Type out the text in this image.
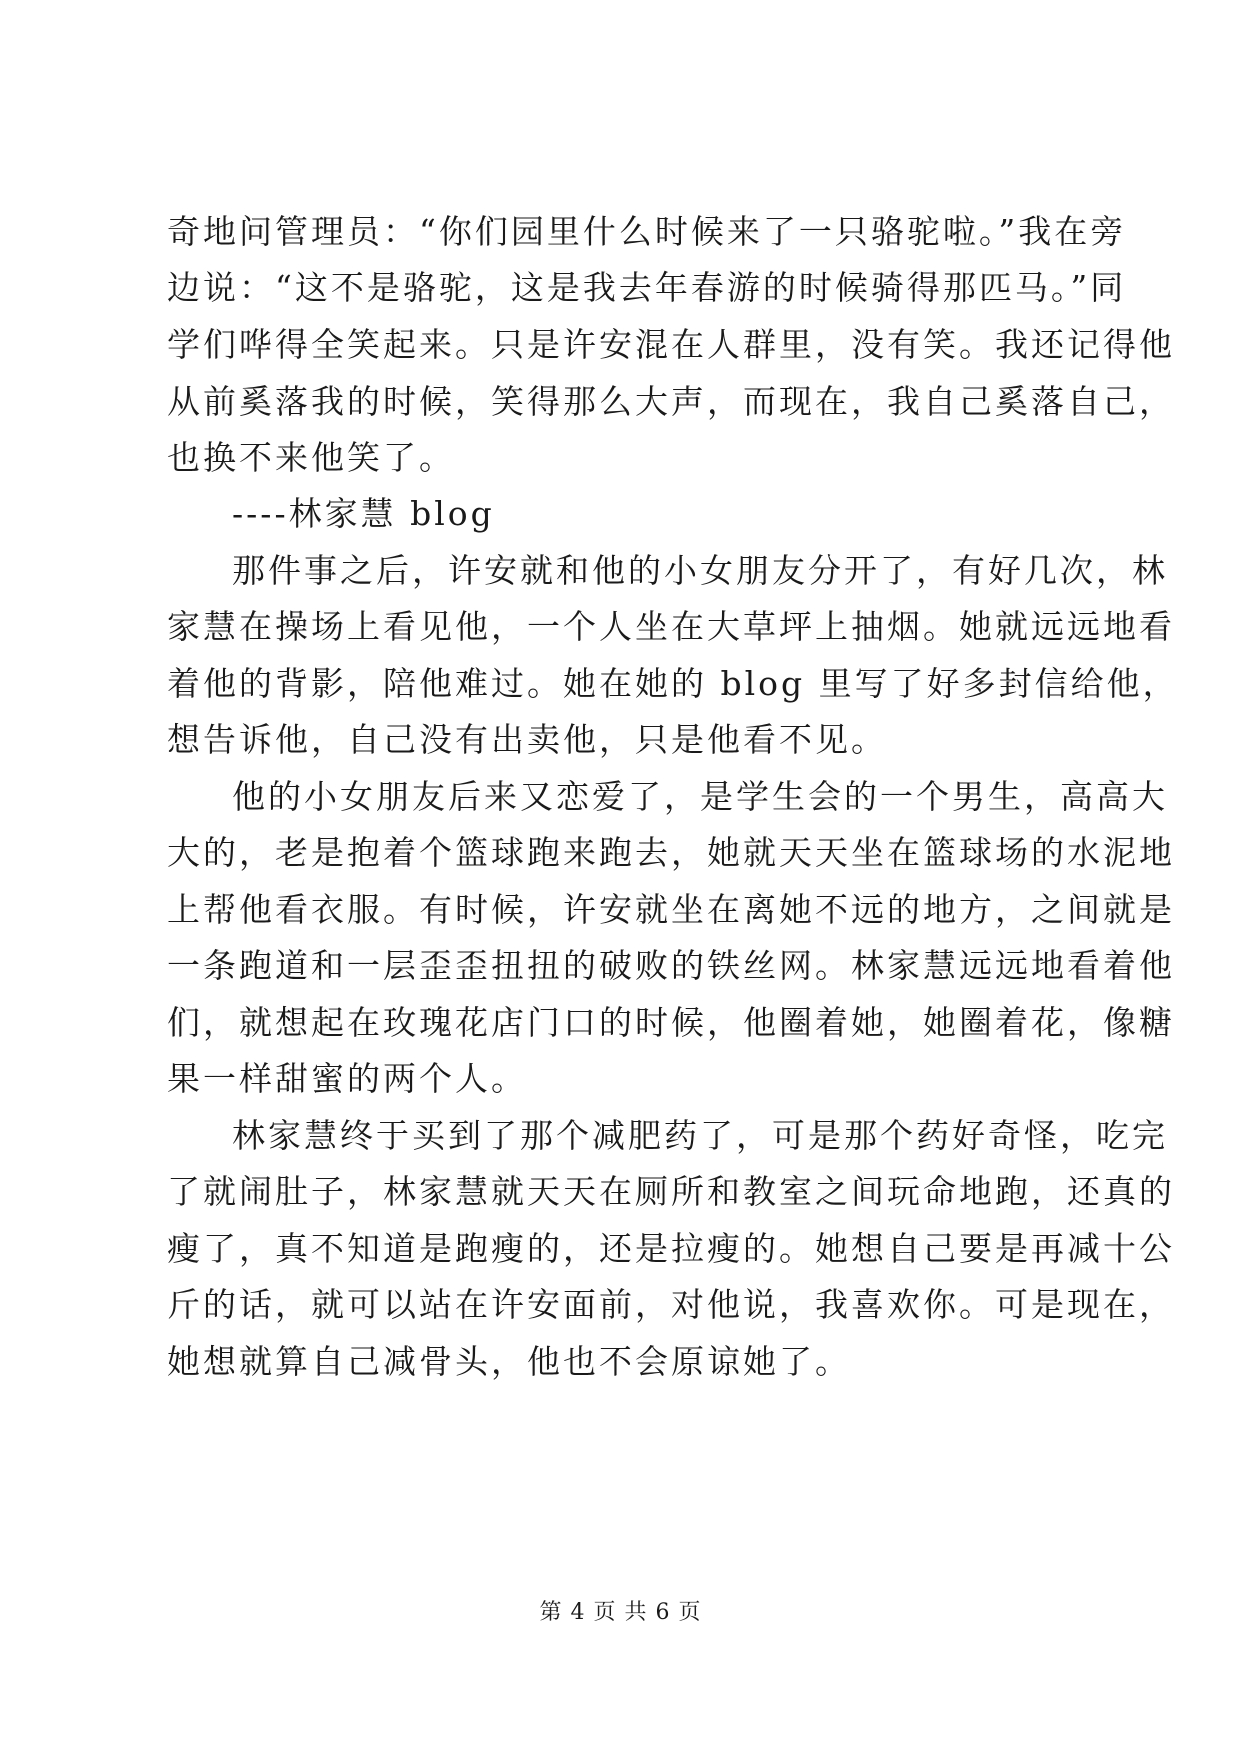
奇地问管理员：“你们园里什么时候来了一只骆驼啦。”我在旁
边说：“这不是骆驼，这是我去年春游的时候骑得那匹马。”同
学们哗得全笑起来。只是许安混在人群里，没有笑。我还记得他
从前奚落我的时候，笑得那么大声，而现在，我自己奚落自己，
也换不来他笑了。
----林家慧 blog
那件事之后，许安就和他的小女朋友分开了，有好几次，林
家慧在操场上看见他，一个人坐在大草坪上抽烟。她就远远地看
着他的背影，陪他难过。她在她的 blog 里写了好多封信给他，
想告诉他，自己没有出卖他，只是他看不见。
他的小女朋友后来又恋爱了，是学生会的一个男生，高高大
大的，老是抱着个篮球跑来跑去，她就天天坐在篮球场的水泥地
上帮他看衣服。有时候，许安就坐在离她不远的地方，之间就是
一条跑道和一层歪歪扭扭的破败的铁丝网。林家慧远远地看着他
们，就想起在玫瑰花店门口的时候，他圈着她，她圈着花，像糖
果一样甜蜜的两个人。
林家慧终于买到了那个减肥药了，可是那个药好奇怪，吃完
了就闹肚子，林家慧就天天在厕所和教室之间玩命地跑，还真的
瘦了，真不知道是跑瘦的，还是拉瘦的。她想自己要是再减十公
斤的话，就可以站在许安面前，对他说，我喜欢你。可是现在，
她想就算自己减骨头，他也不会原谅她了。
第 4 页 共 6 页
